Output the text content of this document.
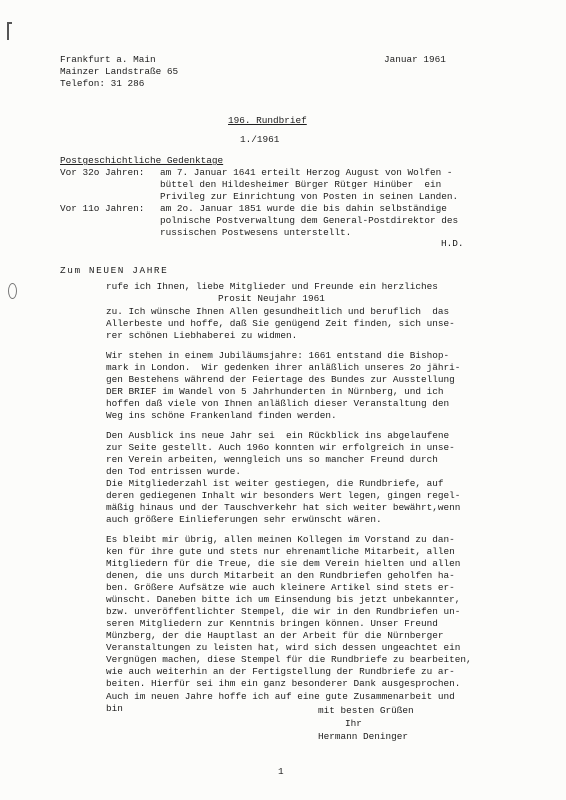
Frankfurt a. Main
Mainzer Landstraße 65
Telefon: 31 286
Januar 1961
196. Rundbrief
1./1961
Postgeschichtliche Gedenktage
Vor 32o Jahren: am 7. Januar 1641 erteilt Herzog August von Wolfen -
büttel den Hildesheimer Bürger Rütger Hinüber  ein
Privileg zur Einrichtung von Posten in seinen Landen.
Vor 11o Jahren: am 2o. Januar 1851 wurde die bis dahin selbständige
polnische Postverwaltung dem General-Postdirektor des
russischen Postwesens unterstellt.
H.D.
Zum NEUEN JAHRE
rufe ich Ihnen, liebe Mitglieder und Freunde ein herzliches
Prosit Neujahr 1961
zu. Ich wünsche Ihnen Allen gesundheitlich und beruflich  das
Allerbeste und hoffe, daß Sie genügend Zeit finden, sich unse-
rer schönen Liebhaberei zu widmen.
Wir stehen in einem Jubiläumsjahre: 1661 entstand die Bishop-
mark in London.  Wir gedenken ihrer anläßlich unseres 2o jähri-
gen Bestehens während der Feiertage des Bundes zur Ausstellung
DER BRIEF im Wandel von 5 Jahrhunderten in Nürnberg, und ich
hoffen daß viele von Ihnen anläßlich dieser Veranstaltung den
Weg ins schöne Frankenland finden werden.
Den Ausblick ins neue Jahr sei  ein Rückblick ins abgelaufene
zur Seite gestellt. Auch 196o konnten wir erfolgreich in unse-
ren Verein arbeiten, wenngleich uns so mancher Freund durch
den Tod entrissen wurde.
Die Mitgliederzahl ist weiter gestiegen, die Rundbriefe, auf
deren gediegenen Inhalt wir besonders Wert legen, gingen regel-
mäßig hinaus und der Tauschverkehr hat sich weiter bewährt,wenn
auch größere Einlieferungen sehr erwünscht wären.
Es bleibt mir übrig, allen meinen Kollegen im Vorstand zu dan-
ken für ihre gute und stets nur ehrenamtliche Mitarbeit, allen
Mitgliedern für die Treue, die sie dem Verein hielten und allen
denen, die uns durch Mitarbeit an den Rundbriefen geholfen ha-
ben. Größere Aufsätze wie auch kleinere Artikel sind stets er-
wünscht. Daneben bitte ich um Einsendung bis jetzt unbekannter,
bzw. unveröffentlichter Stempel, die wir in den Rundbriefen un-
seren Mitgliedern zur Kenntnis bringen können. Unser Freund
Münzberg, der die Hauptlast an der Arbeit für die Nürnberger
Veranstaltungen zu leisten hat, wird sich dessen ungeachtet ein
Vergnügen machen, diese Stempel für die Rundbriefe zu bearbeiten,
wie auch weiterhin an der Fertigstellung der Rundbriefe zu ar-
beiten. Hierfür sei ihm ein ganz besonderer Dank ausgesprochen.
Auch im neuen Jahre hoffe ich auf eine gute Zusammenarbeit und
bin	mit besten Grüßen
Ihr
Hermann Deninger
1
